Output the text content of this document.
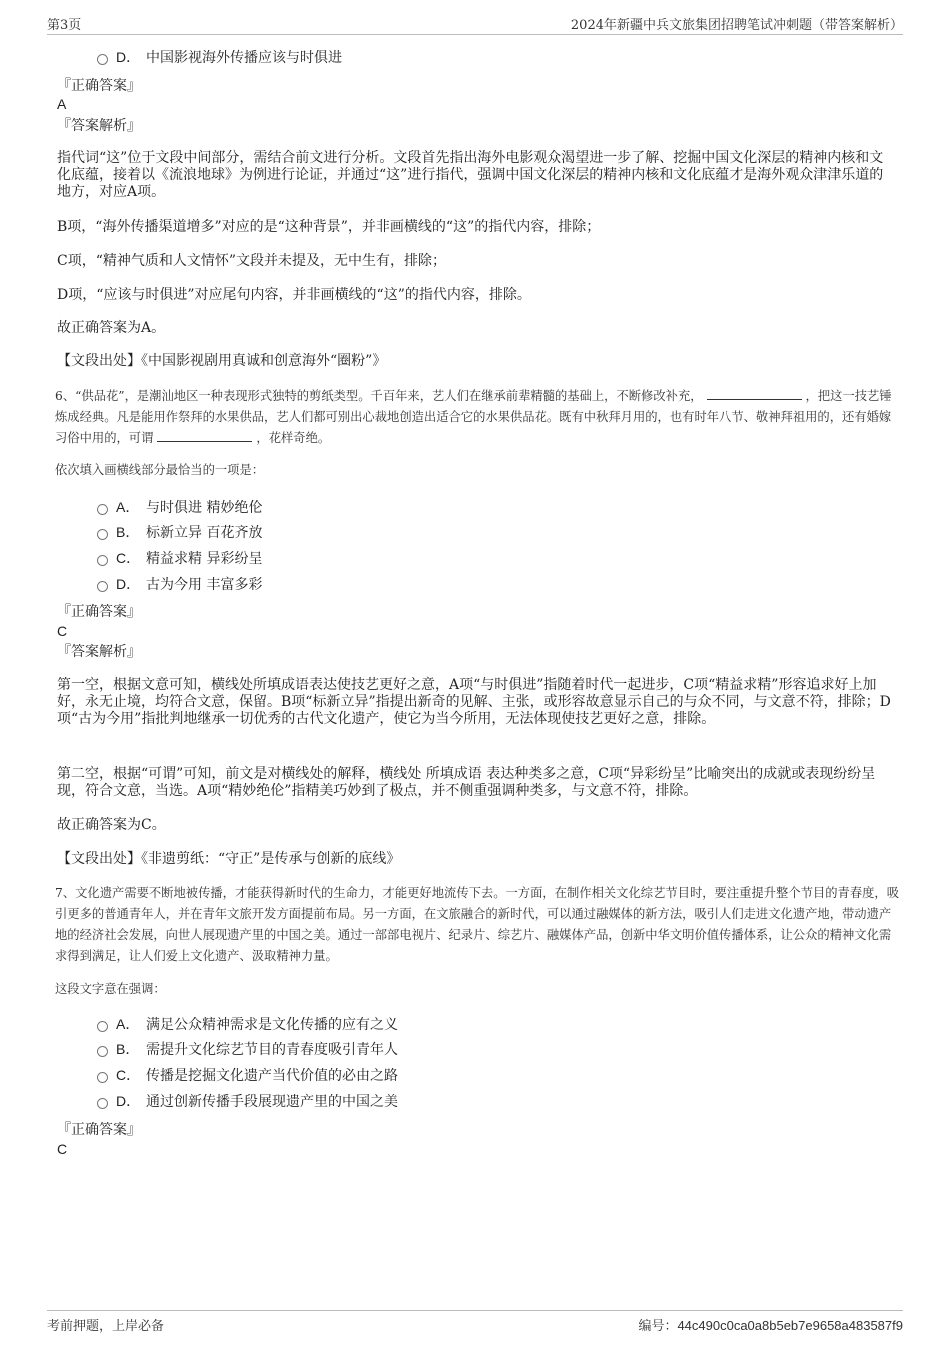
第3页	2024年新疆中兵文旅集团招聘笔试冲刺题（带答案解析）
D． 中国影视海外传播应该与时俱进
『正确答案』
A
『答案解析』
指代词“这”位于文段中间部分，需结合前文进行分析。文段首先指出海外电影观众渴望进一步了解、挖掘中国文化深层的精神内核和文化底蕴，接着以《流浪地球》为例进行论证，并通过“这”进行指代，强调中国文化深层的精神内核和文化底蕴才是海外观众津津乐道的地方，对应A项。
B项，“海外传播渠道增多”对应的是“这种背景”，并非画横线的“这”的指代内容，排除；
C项，“精神气质和人文情怀”文段并未提及，无中生有，排除；
D项，“应该与时俱进”对应尾句内容，并非画横线的“这”的指代内容，排除。
故正确答案为A。
【文段出处】《中国影视剧用真诚和创意海外“圈粉”》
6、“供品花”，是潮汕地区一种表现形式独特的剪纸类型。千百年来，艺人们在继承前辈精髓的基础上，不断修改补充，	，把这一技艺锤炼成经典。凡是能用作祭拜的水果供品，艺人们都可别出心裁地创造出适合它的水果供品花。既有中秋拜月用的，也有时年八节、敬神拜祖用的，还有婚嫁习俗中用的，可谓	，花样奇绝。
依次填入画横线部分最恰当的一项是：
A． 与时俱进 精妙绝伦
B． 标新立异 百花齐放
C． 精益求精 异彩纷呈
D． 古为今用 丰富多彩
『正确答案』
C
『答案解析』
第一空，根据文意可知，横线处所填成语表达使技艺更好之意，A项“与时俱进”指随着时代一起进步，C项“精益求精”形容追求好上加好，永无止境，均符合文意，保留。B项“标新立异”指提出新奇的见解、主张，或形容故意显示自己的与众不同，与文意不符，排除；D项“古为今用”指批判地继承一切优秀的古代文化遗产，使它为当今所用，无法体现使技艺更好之意，排除。
第二空，根据“可谓”可知，前文是对横线处的解释，横线处 所填成语 表达种类多之意，C项“异彩纷呈”比喻突出的成就或表现纷纷呈现，符合文意，当选。A项“精妙绝伦”指精美巧妙到了极点，并不侧重强调种类多，与文意不符，排除。
故正确答案为C。
【文段出处】《非遗剪纸：“守正”是传承与创新的底线》
7、文化遗产需要不断地被传播，才能获得新时代的生命力，才能更好地流传下去。一方面，在制作相关文化综艺节目时，要注重提升整个节目的青春度，吸引更多的普通青年人，并在青年文旅开发方面提前布局。另一方面，在文旅融合的新时代，可以通过融媒体的新方法，吸引人们走进文化遗产地，带动遗产地的经济社会发展，向世人展现遗产里的中国之美。通过一部部电视片、纪录片、综艺片、融媒体产品，创新中华文明价值传播体系，让公众的精神文化需求得到满足，让人们爱上文化遗产、汲取精神力量。
这段文字意在强调：
A． 满足公众精神需求是文化传播的应有之义
B． 需提升文化综艺节目的青春度吸引青年人
C． 传播是挖掘文化遗产当代价值的必由之路
D． 通过创新传播手段展现遗产里的中国之美
『正确答案』
C
考前押题，上岸必备	编号：44c490c0ca0a8b5eb7e9658a483587f9
